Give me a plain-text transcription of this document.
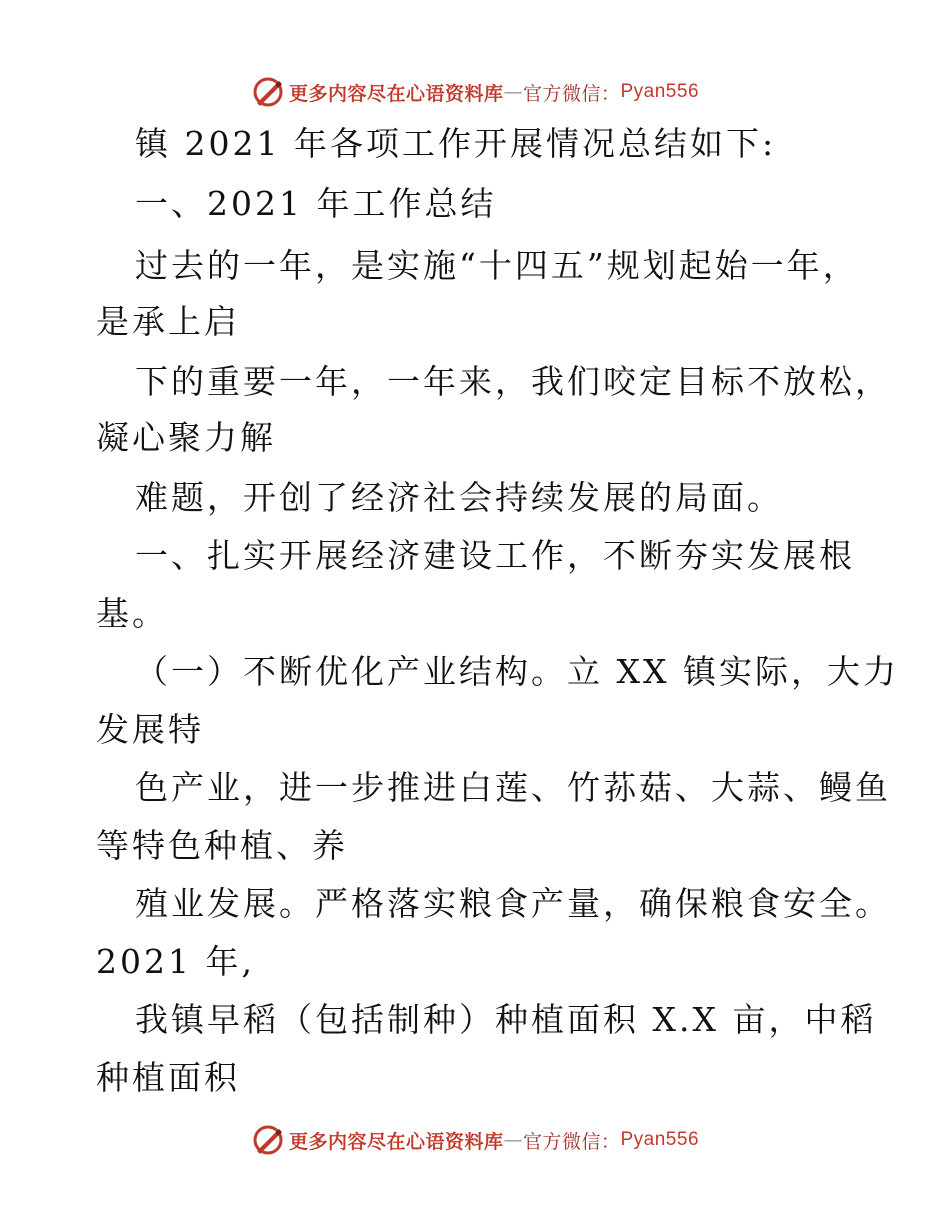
更多内容尽在心语资料库 — 官方微信： Pyan556
镇 2021 年各项工作开展情况总结如下:
一、2021 年工作总结
过去的一年，是实施“十四五”规划起始一年，
是承上启
下的重要一年，一年来，我们咬定目标不放松，
凝心聚力解
难题，开创了经济社会持续发展的局面。
一、扎实开展经济建设工作，不断夯实发展根
基。
（一）不断优化产业结构。立 XX 镇实际，大力
发展特
色产业，进一步推进白莲、竹荪菇、大蒜、鳗鱼
等特色种植、养
殖业发展。严格落实粮食产量，确保粮食安全。
2021 年,
我镇早稻（包括制种）种植面积 X.X 亩，中稻
种植面积
更多内容尽在心语资料库 — 官方微信： Pyan556
